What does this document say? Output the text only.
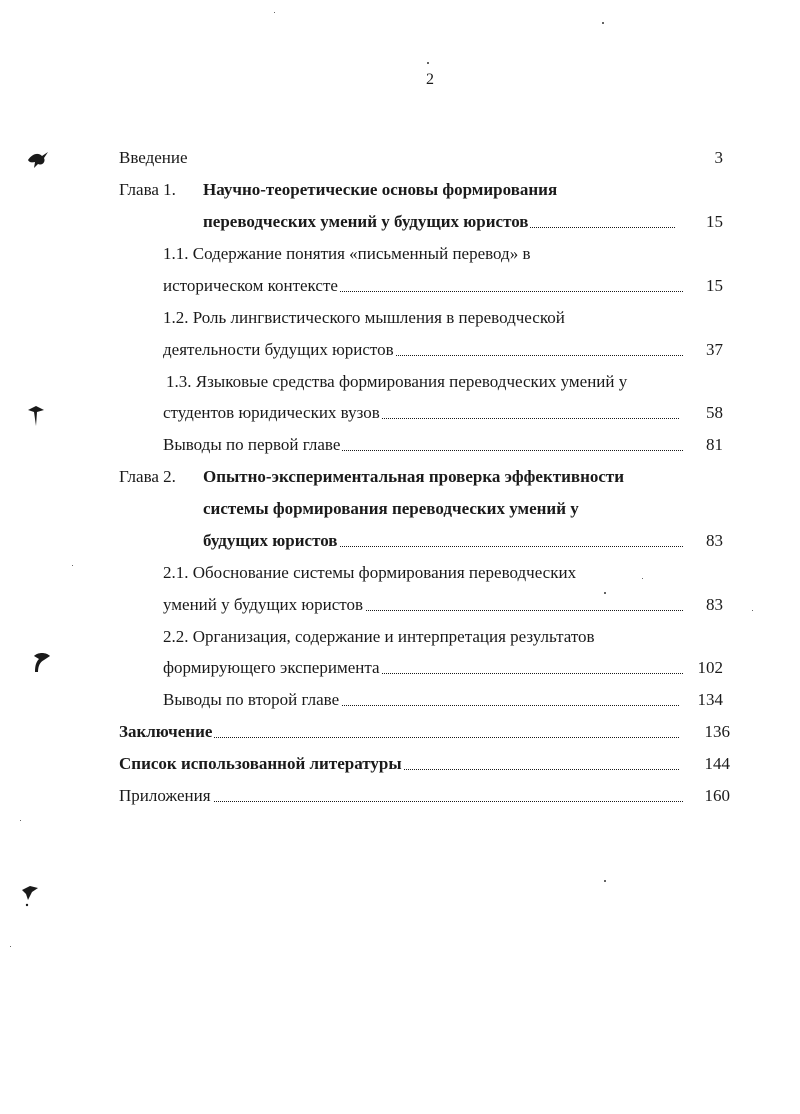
2
Введение	3
Глава 1. Научно-теоретические основы формирования
переводческих умений у будущих юристов	15
1.1. Содержание понятия «письменный перевод» в
историческом контексте	15
1.2. Роль лингвистического мышления в переводческой
деятельности будущих юристов	37
1.3. Языковые средства формирования переводческих умений у
студентов юридических вузов	58
Выводы по первой главе	81
Глава 2. Опытно-экспериментальная проверка эффективности
системы формирования переводческих умений у
будущих юристов	83
2.1. Обоснование системы формирования переводческих
умений у будущих юристов	83
2.2. Организация, содержание и интерпретация результатов
формирующего эксперимента	102
Выводы по второй главе	134
Заключение	136
Список использованной литературы	144
Приложения	160
